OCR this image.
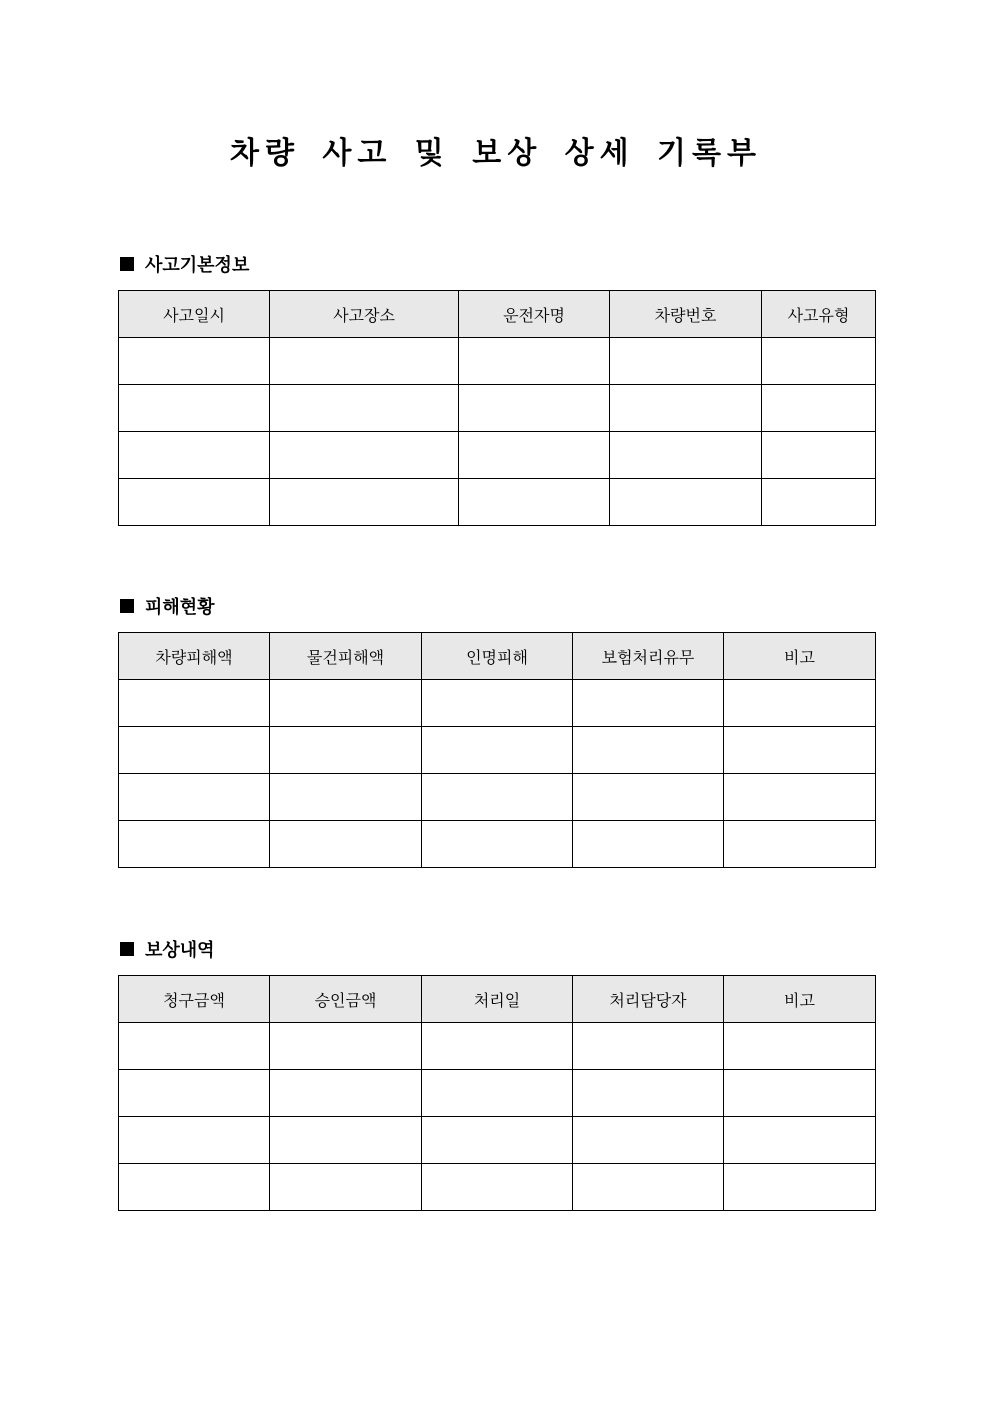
차량 사고 및 보상 상세 기록부
사고기본정보
사고일시	사고장소	운전자명	차량번호	사고유형

피해현황
차량피해액	물건피해액	인명피해	보험처리유무	비고

보상내역
청구금액	승인금액	처리일	처리담당자	비고
